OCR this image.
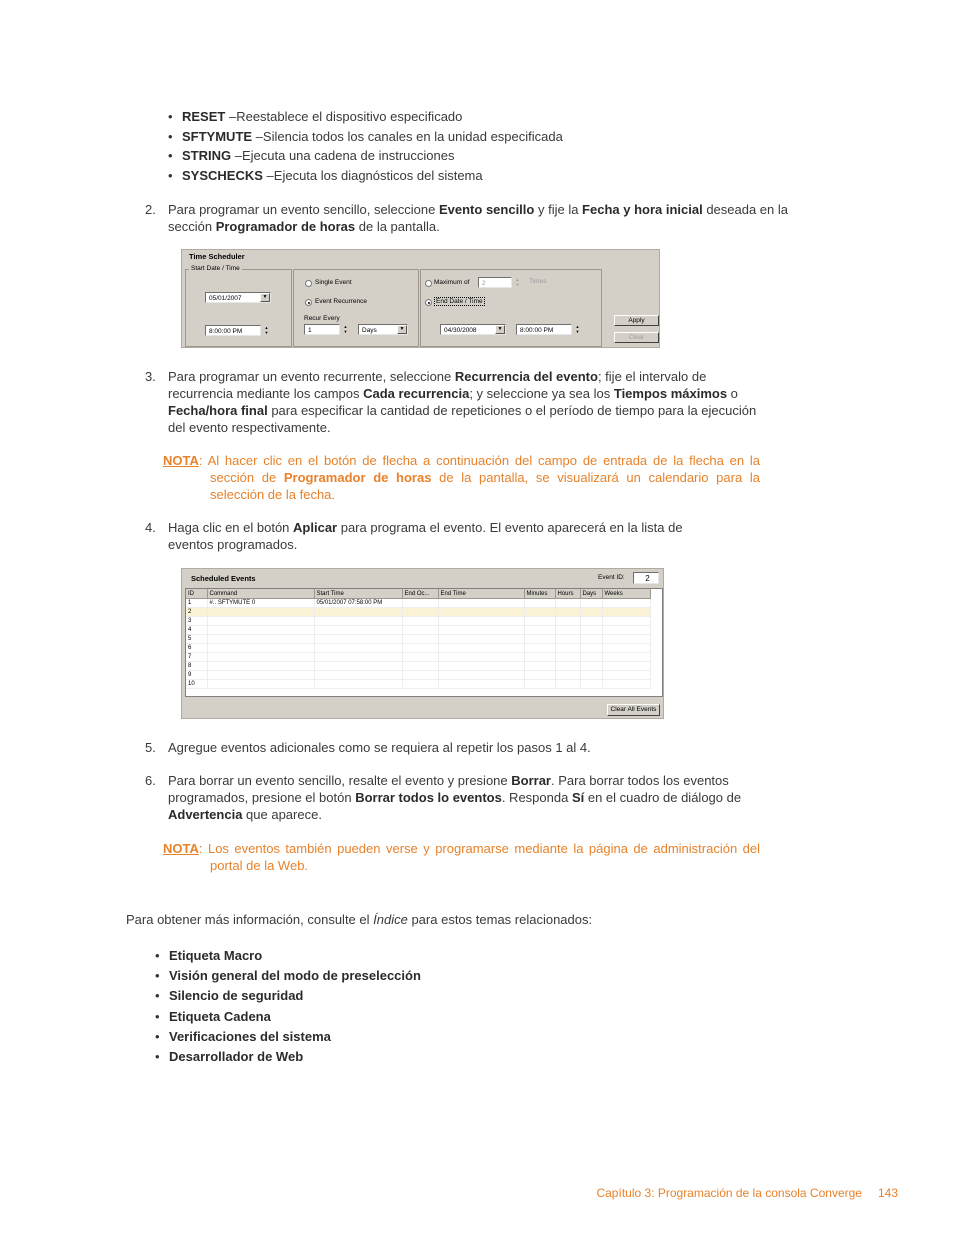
• RESET –Reestablece el dispositivo especificado
• SFTYMUTE –Silencia todos los canales en la unidad especificada
• STRING –Ejecuta una cadena de instrucciones
• SYSCHECKS –Ejecuta los diagnósticos del sistema
2. Para programar un evento sencillo, seleccione Evento sencillo y fije la Fecha y hora inicial deseada en la sección Programador de horas de la pantalla.
Time Scheduler
Start Date / Time
05/01/2007	▼
8:00:00 PM
▲
▼
Single Event
Event Recurrence
Recur Every
1
▲
▼	Days	▼
Maximum of	2
▲
▼	Times
End Date / Time
04/30/2008	▼	8:00:00 PM
▲
▼
Apply
Clear
3. Para programar un evento recurrente, seleccione Recurrencia del evento; fije el intervalo de recurrencia mediante los campos Cada recurrencia; y seleccione ya sea los Tiempos máximos o Fecha/hora final para especificar la cantidad de repeticiones o el período de tiempo para la ejecución del evento respectivamente.
NOTA: Al hacer clic en el botón de flecha a continuación del campo de entrada de la flecha en la sección de Programador de horas de la pantalla, se visualizará un calendario para la selección de la fecha.
4. Haga clic en el botón Aplicar para programa el evento. El evento aparecerá en la lista de eventos programados.
Scheduled Events	Event ID:	2
ID	Command	Start Time	End Oc...	End Time	Minutes	Hours	Days	Weeks
1	#.. SFTYMUTE 0	05/01/2007 07:58:00 PM						
2								
3								
4								
5								
6								
7								
8								
9								
10								
Clear All Events
5. Agregue eventos adicionales como se requiera al repetir los pasos 1 al 4.
6. Para borrar un evento sencillo, resalte el evento y presione Borrar. Para borrar todos los eventos programados, presione el botón Borrar todos lo eventos. Responda Sí en el cuadro de diálogo de Advertencia que aparece.
NOTA: Los eventos también pueden verse y programarse mediante la página de administración del portal de la Web.
Para obtener más información, consulte el Índice para estos temas relacionados:
• Etiqueta Macro
• Visión general del modo de preselección
• Silencio de seguridad
• Etiqueta Cadena
• Verificaciones del sistema
• Desarrollador de Web
Capítulo 3: Programación de la consola Converge 143
